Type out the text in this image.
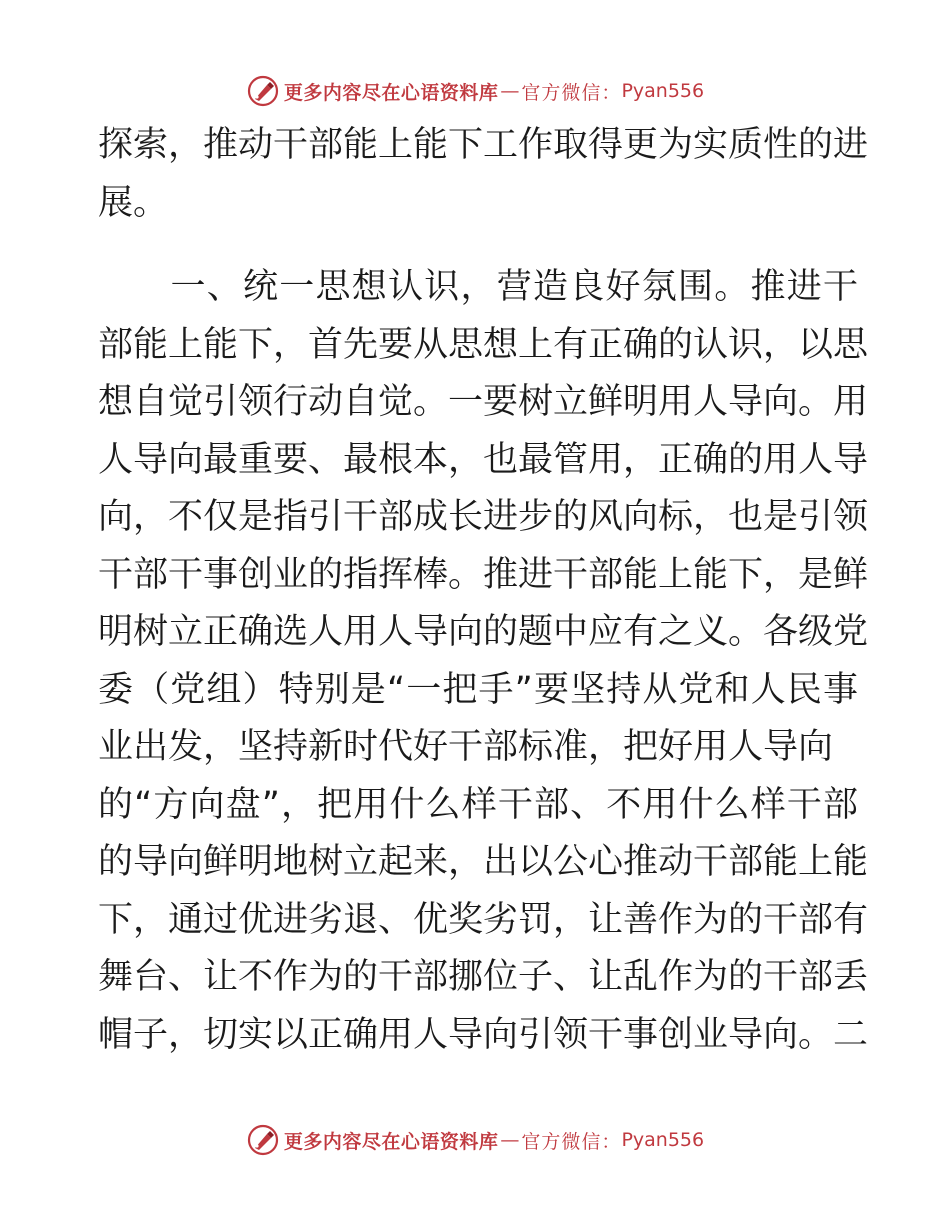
更多内容尽在心语资料库 — 官方微信： Pyan556
探索，推动干部能上能下工作取得更为实质性的进
展。
　　一、统一思想认识，营造良好氛围。推进干
部能上能下，首先要从思想上有正确的认识，以思
想自觉引领行动自觉。一要树立鲜明用人导向。用
人导向最重要、最根本，也最管用，正确的用人导
向，不仅是指引干部成长进步的风向标，也是引领
干部干事创业的指挥棒。推进干部能上能下，是鲜
明树立正确选人用人导向的题中应有之义。各级党
委（党组）特别是“一把手”要坚持从党和人民事
业出发，坚持新时代好干部标准，把好用人导向
的“方向盘”，把用什么样干部、不用什么样干部
的导向鲜明地树立起来，出以公心推动干部能上能
下，通过优进劣退、优奖劣罚，让善作为的干部有
舞台、让不作为的干部挪位子、让乱作为的干部丢
帽子，切实以正确用人导向引领干事创业导向。二
更多内容尽在心语资料库 — 官方微信： Pyan556
